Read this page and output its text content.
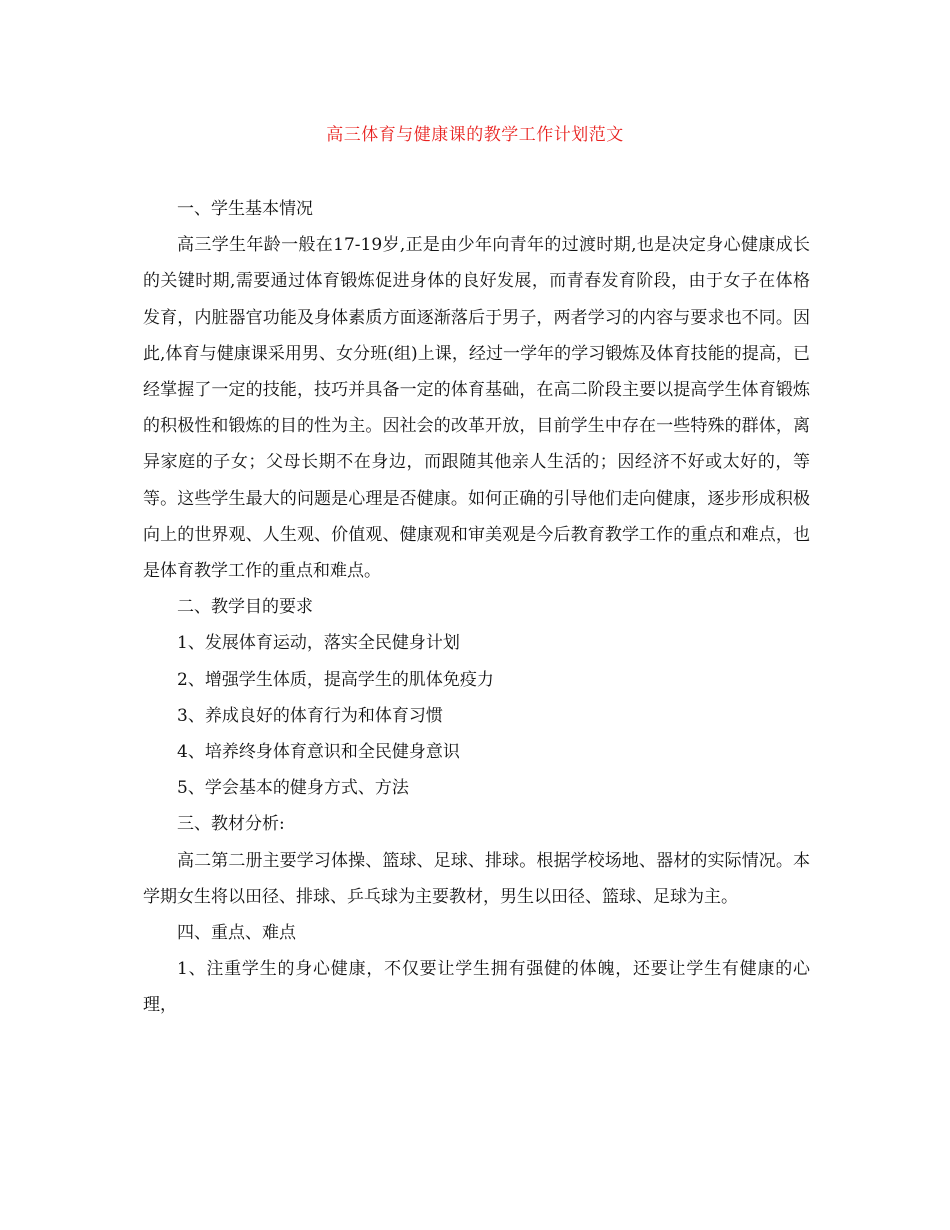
高三体育与健康课的教学工作计划范文

一、学生基本情况

高三学生年龄一般在17-19岁,正是由少年向青年的过渡时期,也是决定身心健康成长的关键时期,需要通过体育锻炼促进身体的良好发展，而青春发育阶段，由于女子在体格发育，内脏器官功能及身体素质方面逐渐落后于男子，两者学习的内容与要求也不同。因此,体育与健康课采用男、女分班(组)上课，经过一学年的学习锻炼及体育技能的提高，已经掌握了一定的技能，技巧并具备一定的体育基础，在高二阶段主要以提高学生体育锻炼的积极性和锻炼的目的性为主。因社会的改革开放，目前学生中存在一些特殊的群体，离异家庭的子女；父母长期不在身边，而跟随其他亲人生活的；因经济不好或太好的，等等。这些学生最大的问题是心理是否健康。如何正确的引导他们走向健康，逐步形成积极向上的世界观、人生观、价值观、健康观和审美观是今后教育教学工作的重点和难点，也是体育教学工作的重点和难点。

二、教学目的要求

1、发展体育运动，落实全民健身计划

2、增强学生体质，提高学生的肌体免疫力

3、养成良好的体育行为和体育习惯

4、培养终身体育意识和全民健身意识

5、学会基本的健身方式、方法

三、教材分析:

高二第二册主要学习体操、篮球、足球、排球。根据学校场地、器材的实际情况。本学期女生将以田径、排球、乒乓球为主要教材，男生以田径、篮球、足球为主。

四、重点、难点

1、注重学生的身心健康，不仅要让学生拥有强健的体魄，还要让学生有健康的心理，
